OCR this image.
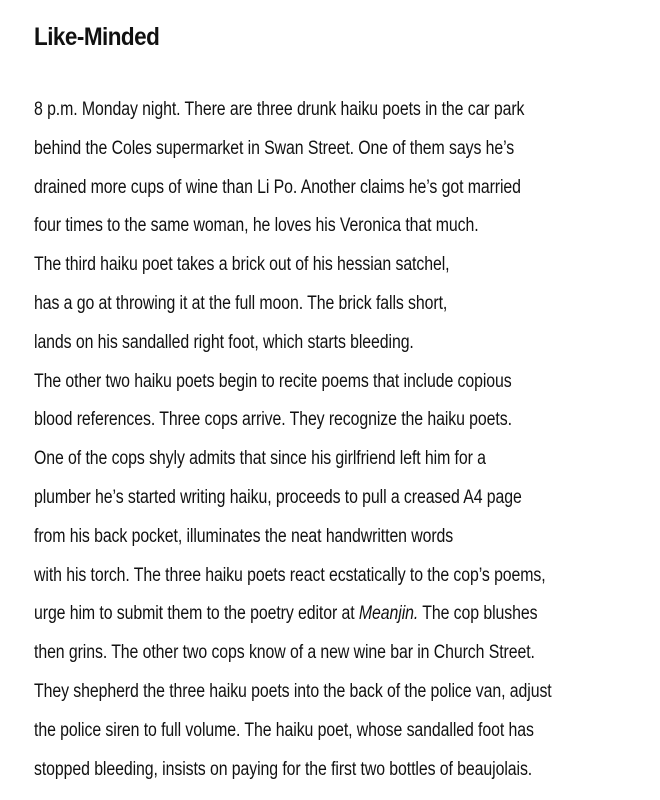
Like-Minded
8 p.m. Monday night. There are three drunk haiku poets in the car park
behind the Coles supermarket in Swan Street. One of them says he’s
drained more cups of wine than Li Po. Another claims he’s got married
four times to the same woman, he loves his Veronica that much.
The third haiku poet takes a brick out of his hessian satchel,
has a go at throwing it at the full moon. The brick falls short,
lands on his sandalled right foot, which starts bleeding.
The other two haiku poets begin to recite poems that include copious
blood references. Three cops arrive. They recognize the haiku poets.
One of the cops shyly admits that since his girlfriend left him for a
plumber he’s started writing haiku, proceeds to pull a creased A4 page
from his back pocket, illuminates the neat handwritten words
with his torch. The three haiku poets react ecstatically to the cop’s poems,
urge him to submit them to the poetry editor at Meanjin. The cop blushes
then grins. The other two cops know of a new wine bar in Church Street.
They shepherd the three haiku poets into the back of the police van, adjust
the police siren to full volume. The haiku poet, whose sandalled foot has
stopped bleeding, insists on paying for the first two bottles of beaujolais.
